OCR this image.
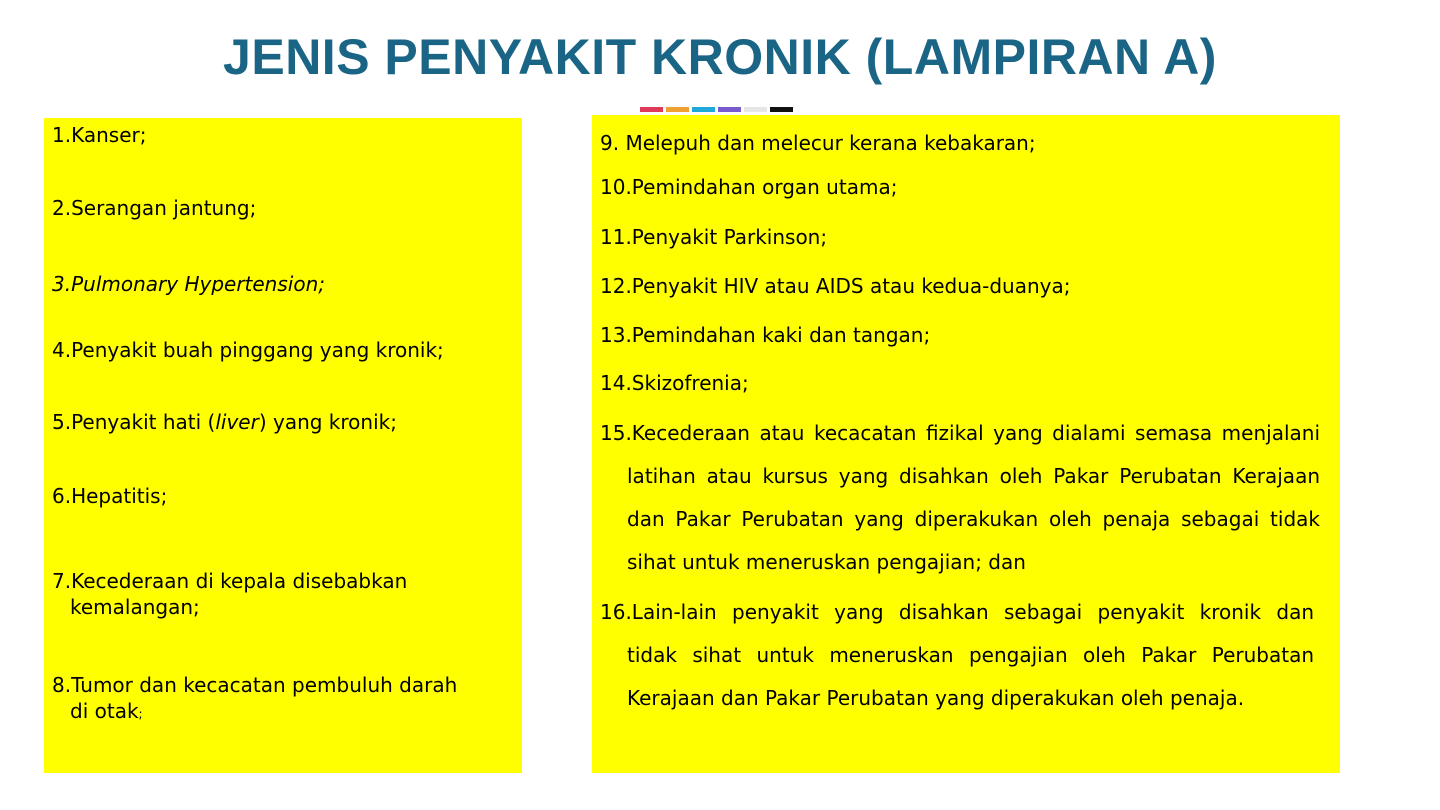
JENIS PENYAKIT KRONIK (LAMPIRAN A)
1.Kanser;
2.Serangan jantung;
3.Pulmonary Hypertension;
4.Penyakit buah pinggang yang kronik;
5.Penyakit hati (liver) yang kronik;
6.Hepatitis;
7.Kecederaan di kepala disebabkan
kemalangan;
8.Tumor dan kecacatan pembuluh darah
di otak;
9. Melepuh dan melecur kerana kebakaran;
10.Pemindahan organ utama;
11.Penyakit Parkinson;
12.Penyakit HIV atau AIDS atau kedua-duanya;
13.Pemindahan kaki dan tangan;
14.Skizofrenia;
15.Kecederaan atau kecacatan fizikal yang dialami semasa menjalani
latihan atau kursus yang disahkan oleh Pakar Perubatan Kerajaan
dan Pakar Perubatan yang diperakukan oleh penaja sebagai tidak
sihat untuk meneruskan pengajian; dan
16.Lain-lain penyakit yang disahkan sebagai penyakit kronik dan
tidak sihat untuk meneruskan pengajian oleh Pakar Perubatan
Kerajaan dan Pakar Perubatan yang diperakukan oleh penaja.
